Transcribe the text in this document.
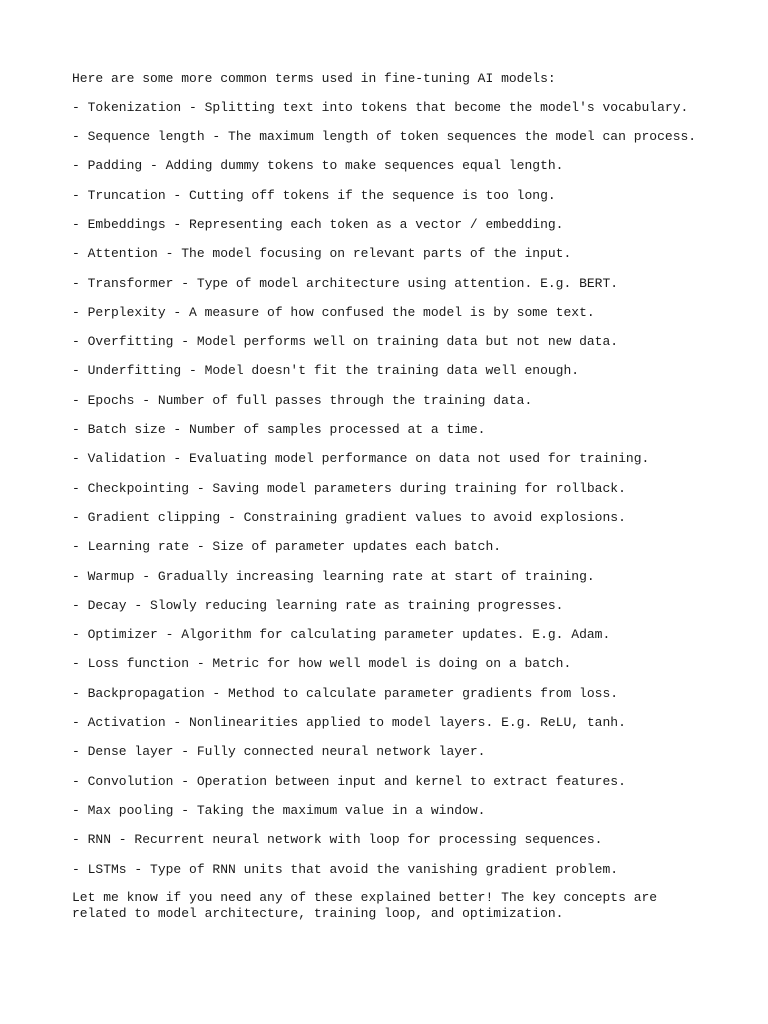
Here are some more common terms used in fine-tuning AI models:

- Tokenization - Splitting text into tokens that become the model's vocabulary.
- Sequence length - The maximum length of token sequences the model can process.
- Padding - Adding dummy tokens to make sequences equal length.
- Truncation - Cutting off tokens if the sequence is too long.
- Embeddings - Representing each token as a vector / embedding.
- Attention - The model focusing on relevant parts of the input.
- Transformer - Type of model architecture using attention. E.g. BERT.
- Perplexity - A measure of how confused the model is by some text.
- Overfitting - Model performs well on training data but not new data.
- Underfitting - Model doesn't fit the training data well enough.
- Epochs - Number of full passes through the training data.
- Batch size - Number of samples processed at a time.
- Validation - Evaluating model performance on data not used for training.
- Checkpointing - Saving model parameters during training for rollback.
- Gradient clipping - Constraining gradient values to avoid explosions.
- Learning rate - Size of parameter updates each batch.
- Warmup - Gradually increasing learning rate at start of training.
- Decay - Slowly reducing learning rate as training progresses.
- Optimizer - Algorithm for calculating parameter updates. E.g. Adam.
- Loss function - Metric for how well model is doing on a batch.
- Backpropagation - Method to calculate parameter gradients from loss.
- Activation - Nonlinearities applied to model layers. E.g. ReLU, tanh.
- Dense layer - Fully connected neural network layer.
- Convolution - Operation between input and kernel to extract features.
- Max pooling - Taking the maximum value in a window.
- RNN - Recurrent neural network with loop for processing sequences.
- LSTMs - Type of RNN units that avoid the vanishing gradient problem.

Let me know if you need any of these explained better! The key concepts are related to model architecture, training loop, and optimization.
